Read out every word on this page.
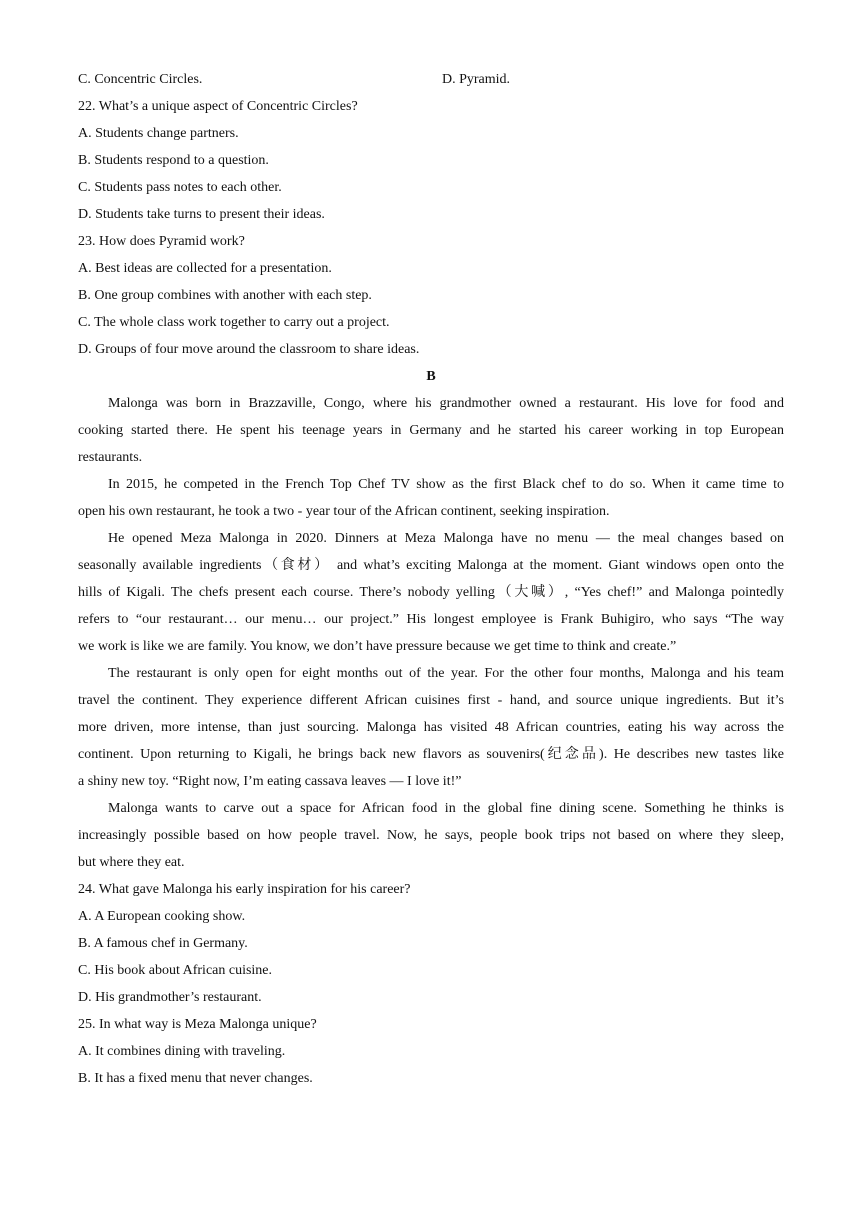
C. Concentric Circles.	D. Pyramid.
22. What’s a unique aspect of Concentric Circles?
A. Students change partners.
B. Students respond to a question.
C. Students pass notes to each other.
D. Students take turns to present their ideas.
23. How does Pyramid work?
A. Best ideas are collected for a presentation.
B. One group combines with another with each step.
C. The whole class work together to carry out a project.
D. Groups of four move around the classroom to share ideas.
B
Malonga was born in Brazzaville, Congo, where his grandmother owned a restaurant. His love for food and
cooking started there. He spent his teenage years in Germany and he started his career working in top European
restaurants.
In 2015, he competed in the French Top Chef TV show as the first Black chef to do so. When it came time to
open his own restaurant, he took a two - year tour of the African continent, seeking inspiration.
He opened Meza Malonga in 2020. Dinners at Meza Malonga have no menu — the meal changes based on
seasonally available ingredients（食材） and what’s exciting Malonga at the moment. Giant windows open onto the
hills of Kigali. The chefs present each course. There’s nobody yelling（大喊）, “Yes chef!” and Malonga pointedly
refers to “our restaurant… our menu… our project.” His longest employee is Frank Buhigiro, who says “The way
we work is like we are family. You know, we don’t have pressure because we get time to think and create.”
The restaurant is only open for eight months out of the year. For the other four months, Malonga and his team
travel the continent. They experience different African cuisines first - hand, and source unique ingredients. But it’s
more driven, more intense, than just sourcing. Malonga has visited 48 African countries, eating his way across the
continent. Upon returning to Kigali, he brings back new flavors as souvenirs(纪念品). He describes new tastes like
a shiny new toy. “Right now, I’m eating cassava leaves — I love it!”
Malonga wants to carve out a space for African food in the global fine dining scene. Something he thinks is
increasingly possible based on how people travel. Now, he says, people book trips not based on where they sleep,
but where they eat.
24. What gave Malonga his early inspiration for his career?
A. A European cooking show.
B. A famous chef in Germany.
C. His book about African cuisine.
D. His grandmother’s restaurant.
25. In what way is Meza Malonga unique?
A. It combines dining with traveling.
B. It has a fixed menu that never changes.
